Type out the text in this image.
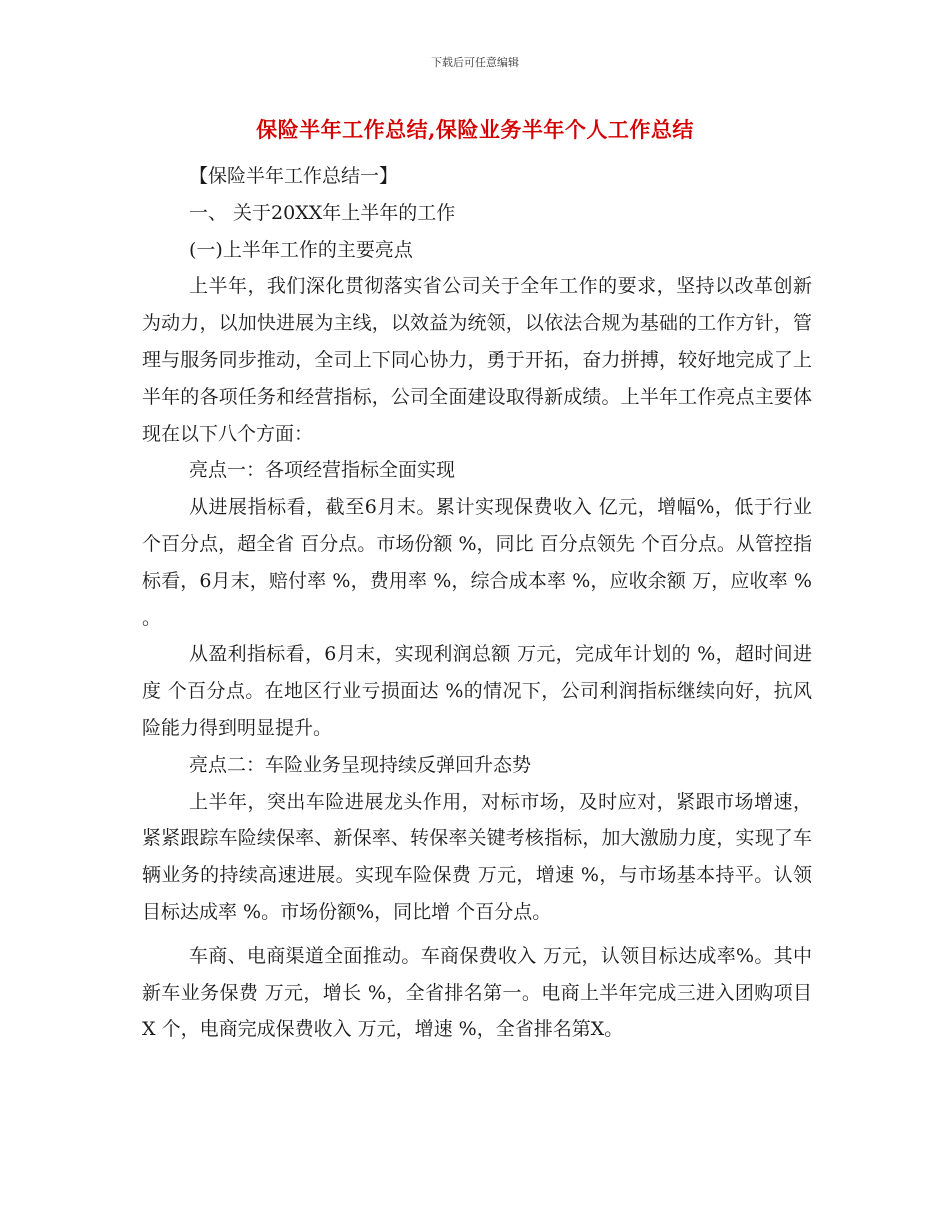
下载后可任意编辑
保险半年工作总结,保险业务半年个人工作总结

【保险半年工作总结一】

一、 关于20XX年上半年的工作

(一)上半年工作的主要亮点

上半年，我们深化贯彻落实省公司关于全年工作的要求，坚持以改革创新为动力，以加快进展为主线，以效益为统领，以依法合规为基础的工作方针，管理与服务同步推动，全司上下同心协力，勇于开拓，奋力拼搏，较好地完成了上半年的各项任务和经营指标，公司全面建设取得新成绩。上半年工作亮点主要体现在以下八个方面：

亮点一：各项经营指标全面实现

从进展指标看，截至6月末。累计实现保费收入 亿元，增幅%，低于行业 个百分点，超全省 百分点。市场份额 %，同比 百分点领先 个百分点。从管控指标看，6月末，赔付率 %，费用率 %，综合成本率 %，应收余额 万，应收率 % 。

从盈利指标看，6月末，实现利润总额 万元，完成年计划的 %，超时间进度 个百分点。在地区行业亏损面达 %的情况下，公司利润指标继续向好，抗风险能力得到明显提升。

亮点二：车险业务呈现持续反弹回升态势

上半年，突出车险进展龙头作用，对标市场，及时应对，紧跟市场增速，紧紧跟踪车险续保率、新保率、转保率关键考核指标，加大激励力度，实现了车辆业务的持续高速进展。实现车险保费 万元，增速 %，与市场基本持平。认领目标达成率 %。市场份额%，同比增 个百分点。

车商、电商渠道全面推动。车商保费收入 万元，认领目标达成率%。其中新车业务保费 万元，增长 %，全省排名第一。电商上半年完成三进入团购项目 X 个，电商完成保费收入 万元，增速 %，全省排名第X。
